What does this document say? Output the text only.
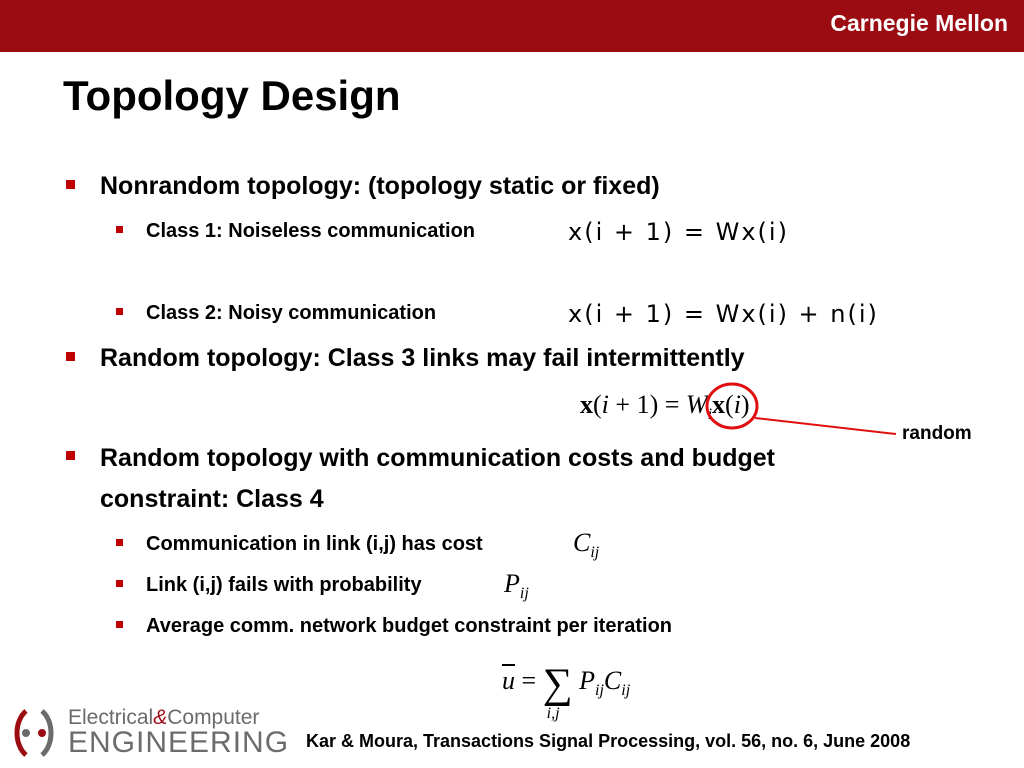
Carnegie Mellon
Topology Design
Nonrandom topology: (topology static or fixed)
Class 1: Noiseless communication	x(i + 1) = Wx(i)
Class 2: Noisy communication	x(i + 1) = Wx(i) + n(i)
Random topology: Class 3 links may fail intermittently
$x(i + 1) = W_ix(i)$
random
Random topology with communication costs and budget
constraint: Class 4
Communication in link (i,j) has cost	$C_{ij}$
Link (i,j) fails with probability	$P_{ij}$
Average comm. network budget constraint per iteration
$\overline{u}$ = ∑
i,j
$P_{ij}C_{ij}$
Electrical&Computer
ENGINEERING Kar & Moura, Transactions Signal Processing, vol. 56, no. 6, June 2008
